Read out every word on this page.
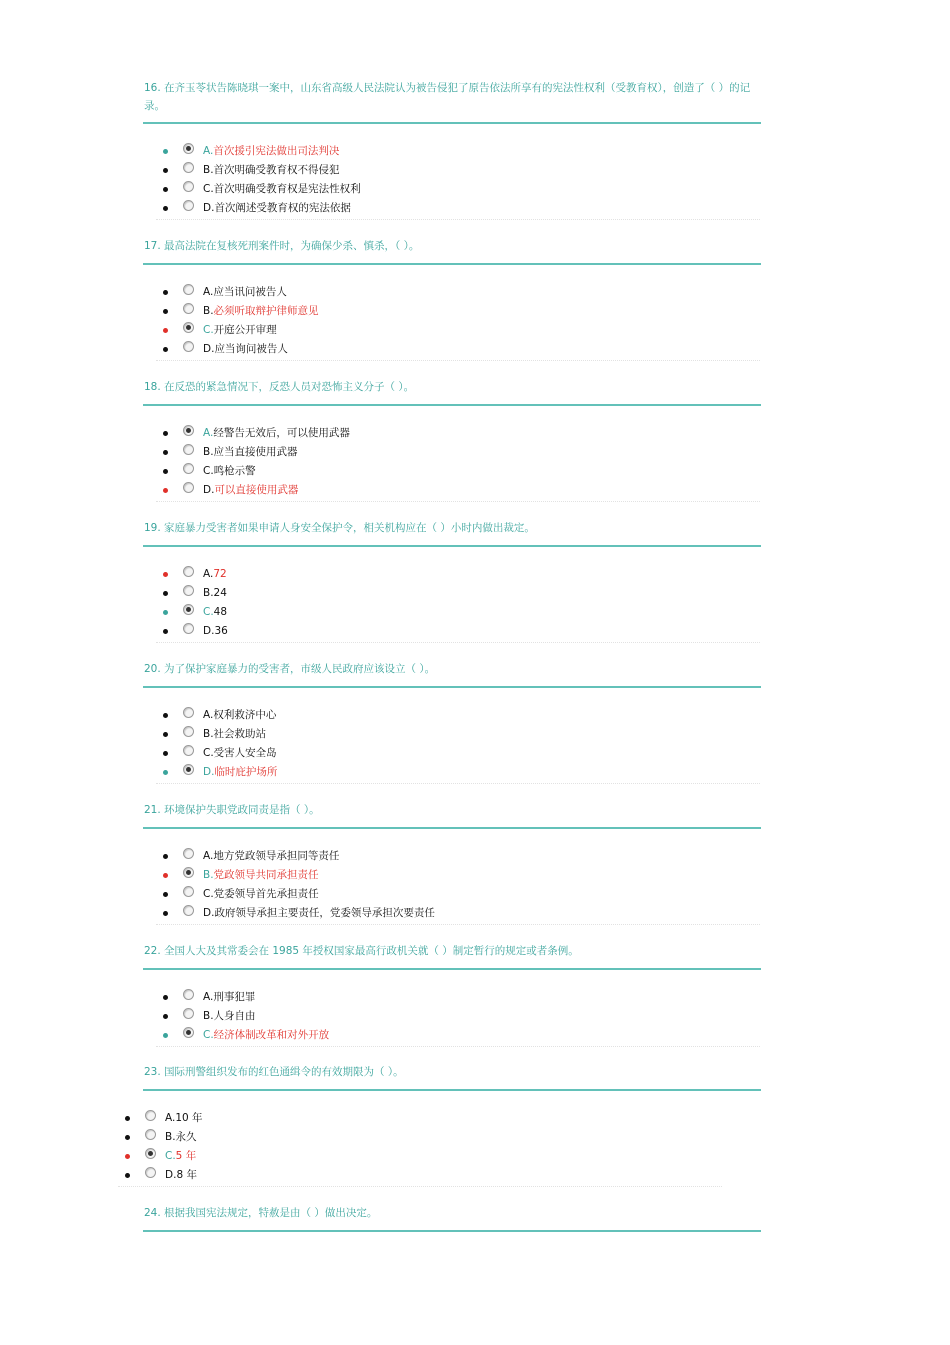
16. 在齐玉苓状告陈晓琪一案中，山东省高级人民法院认为被告侵犯了原告依法所享有的宪法性权利（受教育权），创造了（ ）的记录。
A.首次援引宪法做出司法判决
B.首次明确受教育权不得侵犯
C.首次明确受教育权是宪法性权利
D.首次阐述受教育权的宪法依据
17. 最高法院在复核死刑案件时，为确保少杀、慎杀，（ ）。
A.应当讯问被告人
B.必须听取辩护律师意见
C.开庭公开审理
D.应当询问被告人
18. 在反恐的紧急情况下，反恐人员对恐怖主义分子（ ）。
A.经警告无效后，可以使用武器
B.应当直接使用武器
C.鸣枪示警
D.可以直接使用武器
19. 家庭暴力受害者如果申请人身安全保护令，相关机构应在（ ）小时内做出裁定。
A.72
B.24
C.48
D.36
20. 为了保护家庭暴力的受害者，市级人民政府应该设立（ ）。
A.权利救济中心
B.社会救助站
C.受害人安全岛
D.临时庇护场所
21. 环境保护失职党政同责是指（ ）。
A.地方党政领导承担同等责任
B.党政领导共同承担责任
C.党委领导首先承担责任
D.政府领导承担主要责任，党委领导承担次要责任
22. 全国人大及其常委会在 1985 年授权国家最高行政机关就（ ）制定暂行的规定或者条例。
A.刑事犯罪
B.人身自由
C.经济体制改革和对外开放
23. 国际刑警组织发布的红色通缉令的有效期限为（ ）。
A.10 年
B.永久
C.5 年
D.8 年
24. 根据我国宪法规定，特赦是由（ ）做出决定。
